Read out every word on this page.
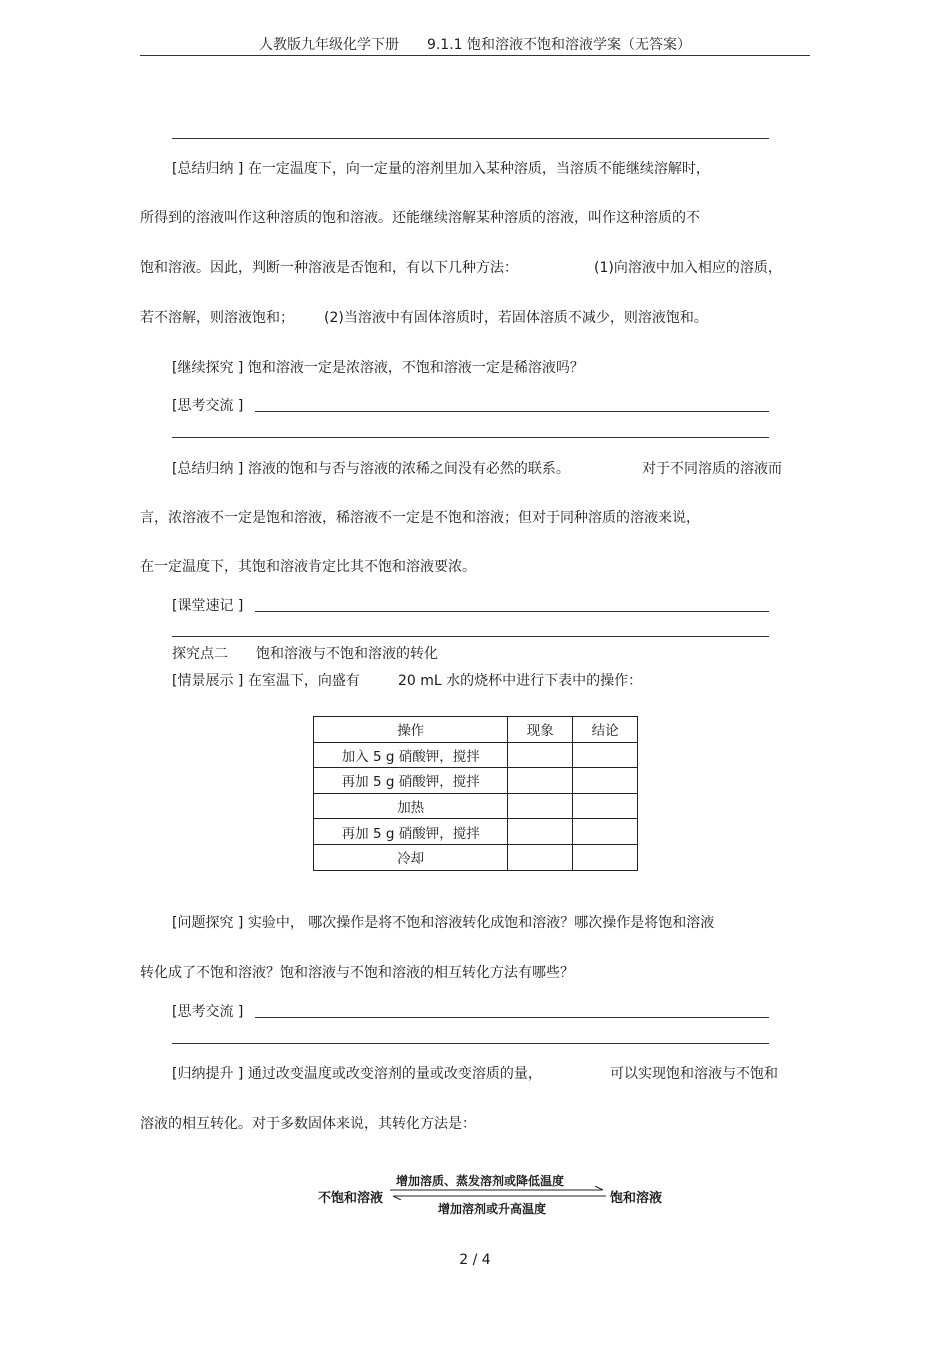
人教版九年级化学下册　　9.1.1 饱和溶液不饱和溶液学案（无答案）
[总结归纳 ] 在一定温度下，向一定量的溶剂里加入某种溶质，当溶质不能继续溶解时，
所得到的溶液叫作这种溶质的饱和溶液。还能继续溶解某种溶质的溶液，叫作这种溶质的不
饱和溶液。因此，判断一种溶液是否饱和，有以下几种方法：	(1)向溶液中加入相应的溶质，
若不溶解，则溶液饱和； (2)当溶液中有固体溶质时，若固体溶质不减少，则溶液饱和。
[继续探究 ] 饱和溶液一定是浓溶液，不饱和溶液一定是稀溶液吗？
[思考交流 ]
[总结归纳 ] 溶液的饱和与否与溶液的浓稀之间没有必然的联系。	对于不同溶质的溶液而
言，浓溶液不一定是饱和溶液，稀溶液不一定是不饱和溶液；但对于同种溶质的溶液来说，
在一定温度下，其饱和溶液肯定比其不饱和溶液要浓。
[课堂速记 ]
探究点二　　饱和溶液与不饱和溶液的转化
[情景展示 ] 在室温下，向盛有	20 mL 水的烧杯中进行下表中的操作：
操作	现象	结论
加入 5 g 硝酸钾，搅拌		
再加 5 g 硝酸钾，搅拌		
加热		
再加 5 g 硝酸钾，搅拌		
冷却		
[问题探究 ] 实验中， 哪次操作是将不饱和溶液转化成饱和溶液？哪次操作是将饱和溶液
转化成了不饱和溶液？饱和溶液与不饱和溶液的相互转化方法有哪些？
[思考交流 ]
[归纳提升 ] 通过改变温度或改变溶剂的量或改变溶质的量，	可以实现饱和溶液与不饱和
溶液的相互转化。对于多数固体来说，其转化方法是：
不饱和溶液
增加溶质、蒸发溶剂或降低温度
增加溶剂或升高温度
饱和溶液
2 / 4
